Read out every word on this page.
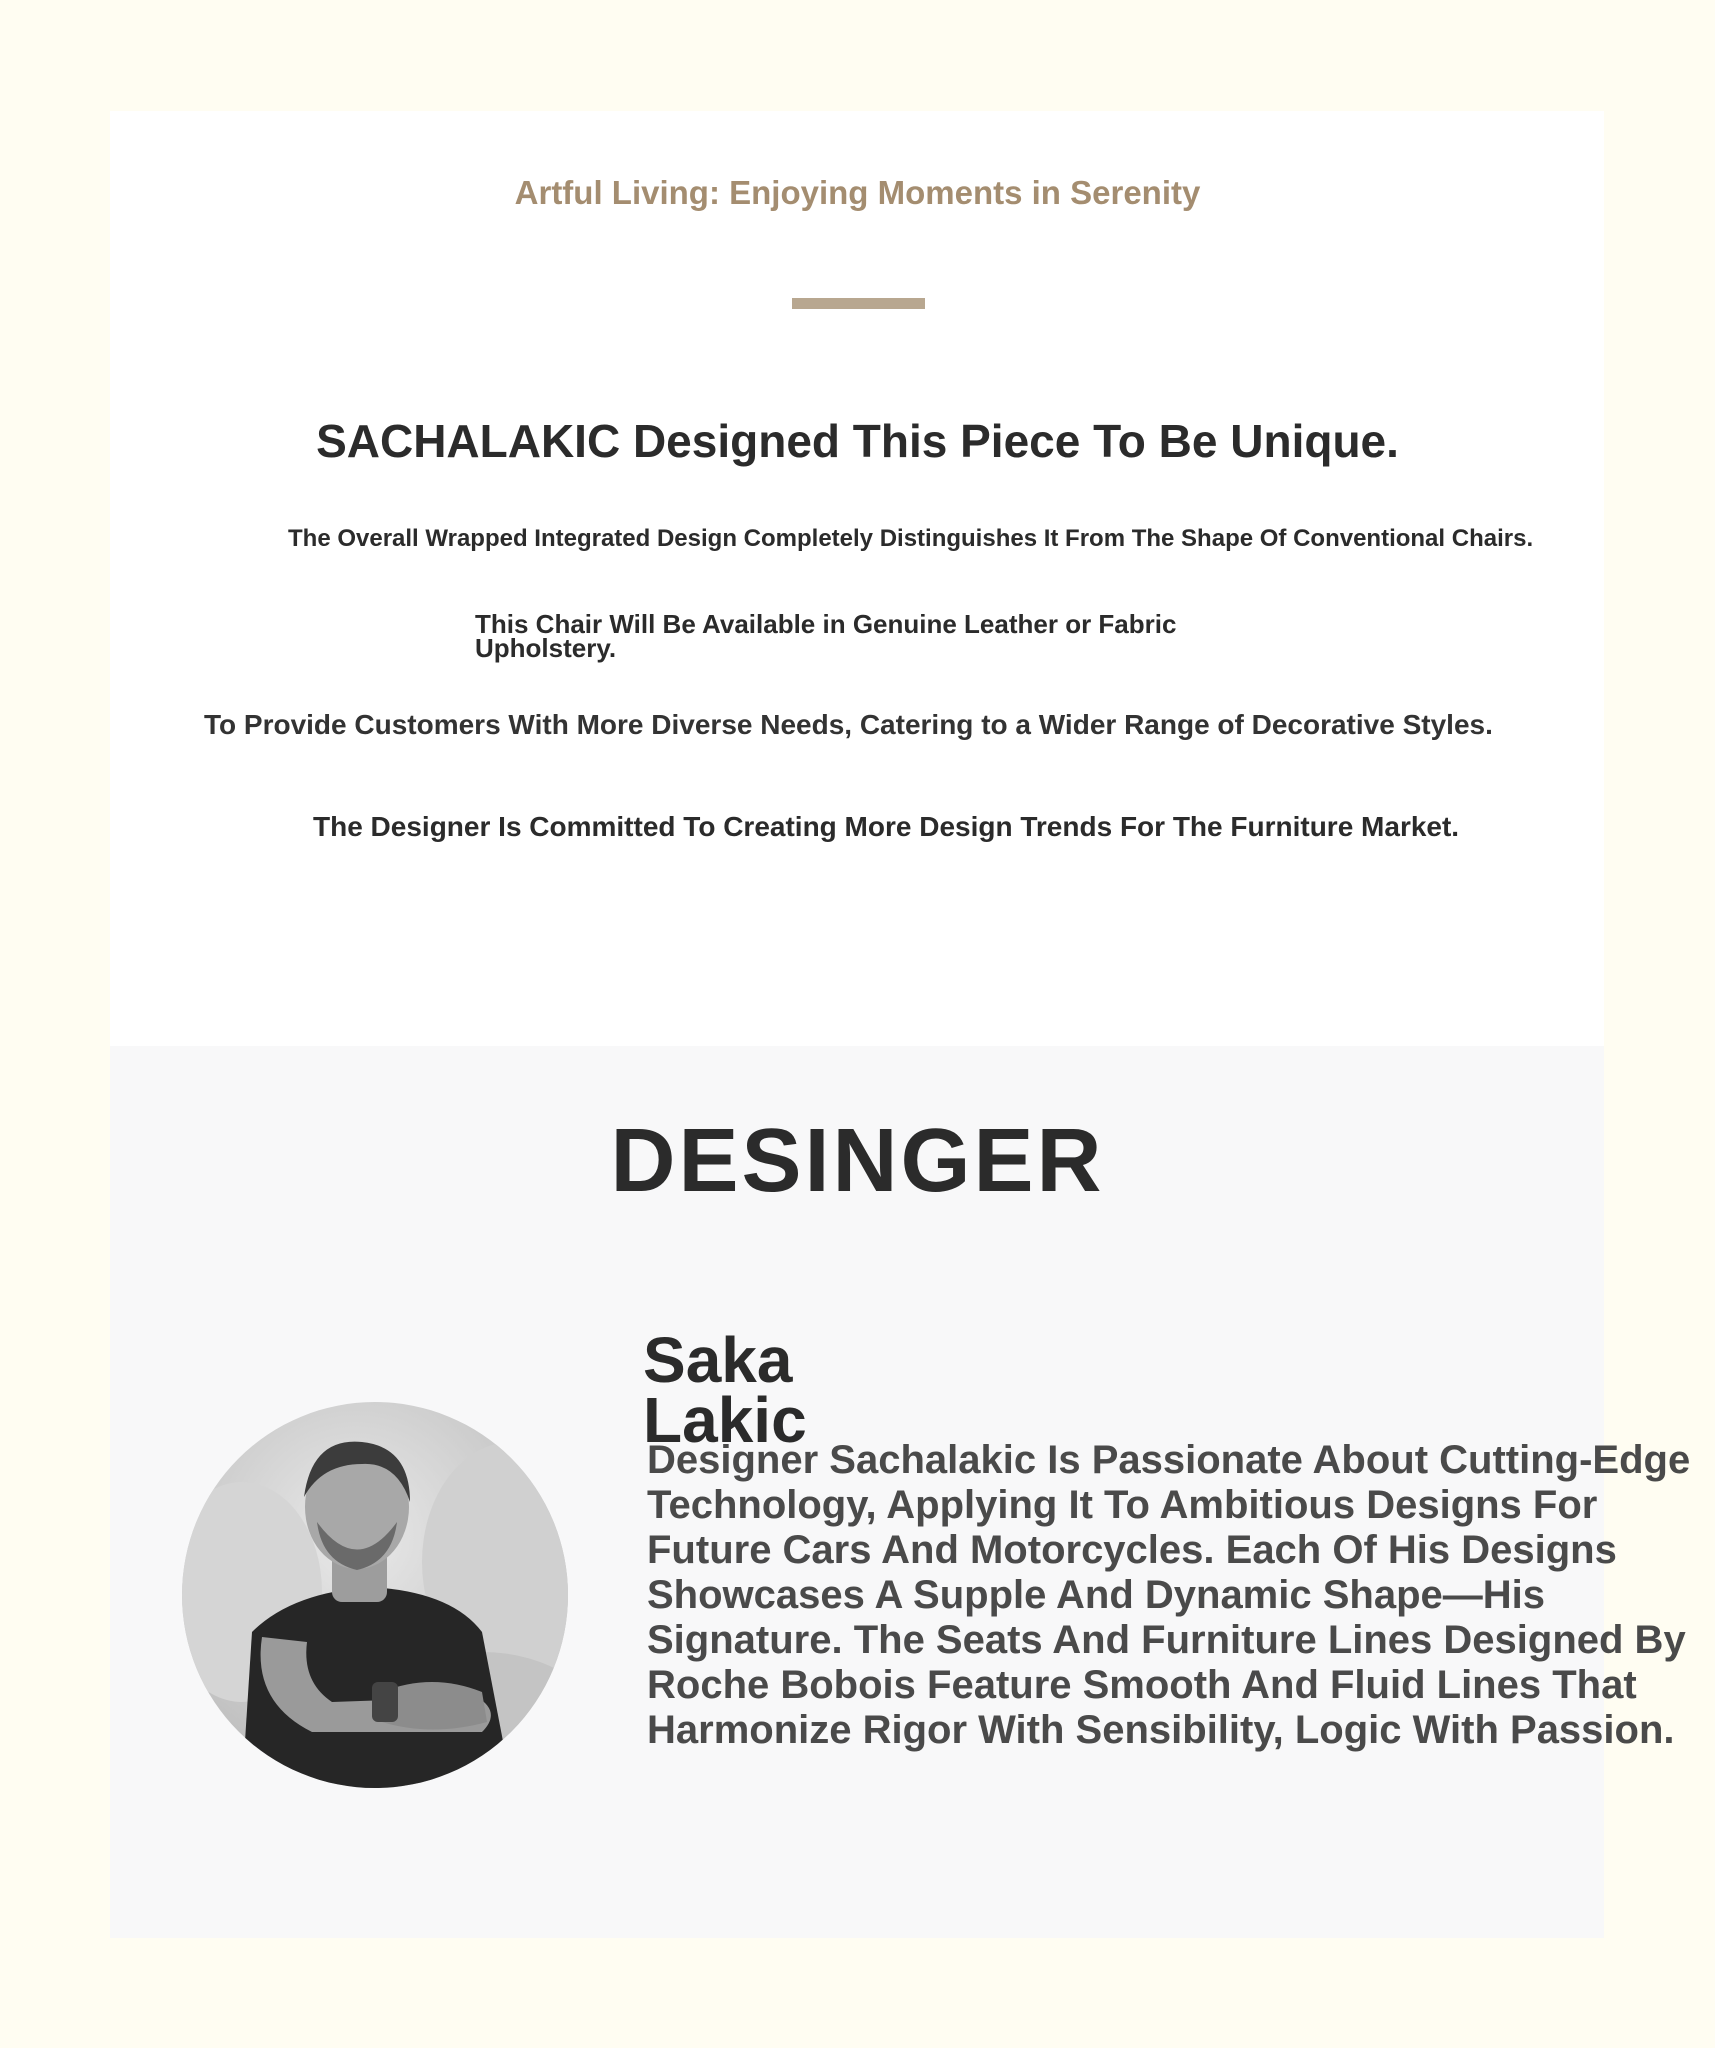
Artful Living: Enjoying Moments in Serenity

SACHALAKIC Designed This Piece To Be Unique.

The Overall Wrapped Integrated Design Completely Distinguishes It From The Shape Of Conventional Chairs.

This Chair Will Be Available in Genuine Leather or Fabric Upholstery.

To Provide Customers With More Diverse Needs, Catering to a Wider Range of Decorative Styles.

The Designer Is Committed To Creating More Design Trends For The Furniture Market.

DESINGER

Saka Lakic

Designer Sachalakic Is Passionate About Cutting-Edge Technology, Applying It To Ambitious Designs For Future Cars And Motorcycles. Each Of His Designs Showcases A Supple And Dynamic Shape—His Signature. The Seats And Furniture Lines Designed By Roche Bobois Feature Smooth And Fluid Lines That Harmonize Rigor With Sensibility, Logic With Passion.
